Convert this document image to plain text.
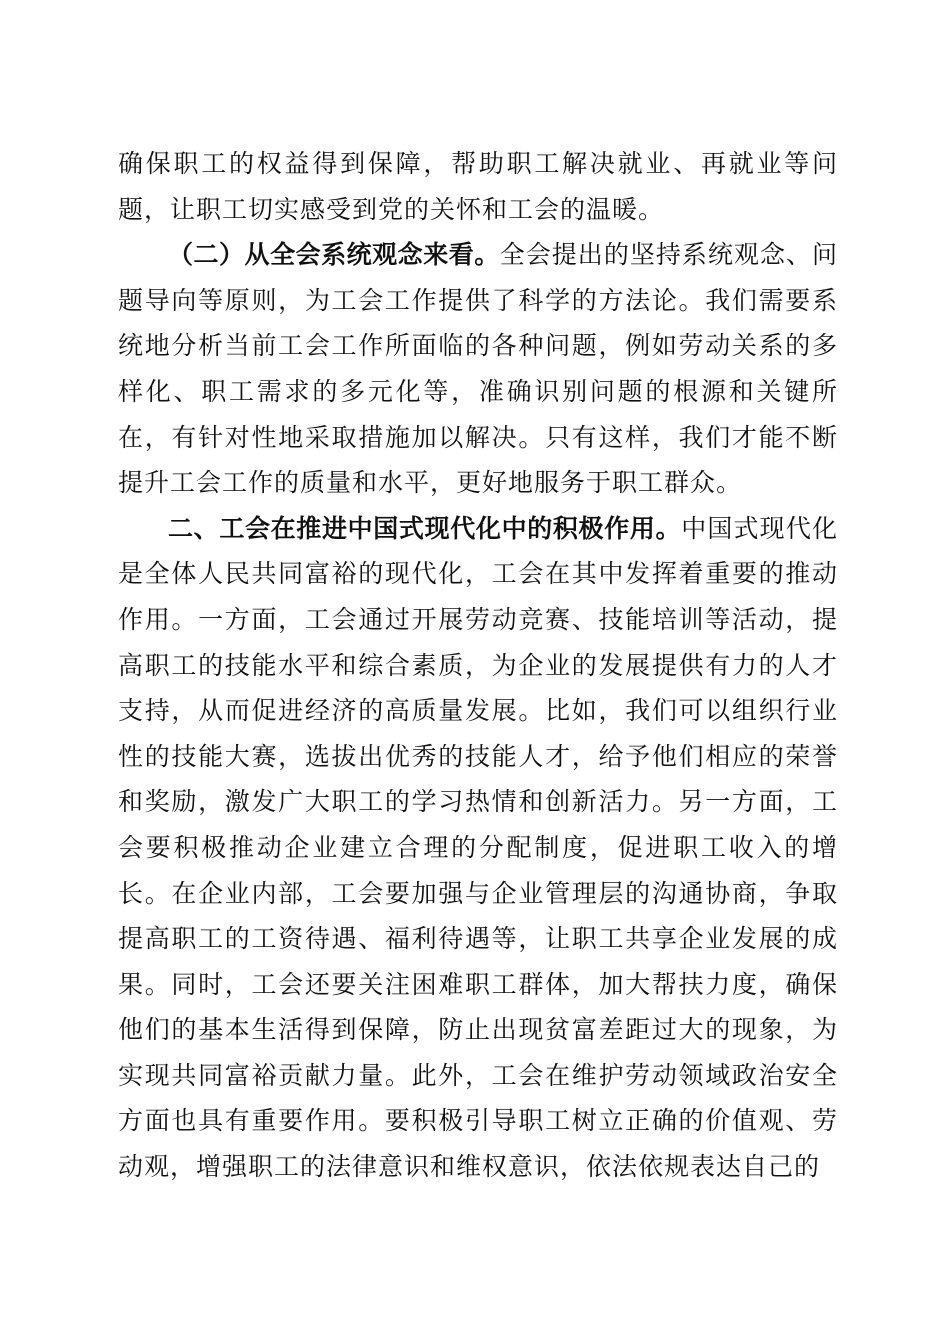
确保职工的权益得到保障，帮助职工解决就业、再就业等问题，让职工切实感受到党的关怀和工会的温暖。

（二）从全会系统观念来看。全会提出的坚持系统观念、问题导向等原则，为工会工作提供了科学的方法论。我们需要系统地分析当前工会工作所面临的各种问题，例如劳动关系的多样化、职工需求的多元化等，准确识别问题的根源和关键所在，有针对性地采取措施加以解决。只有这样，我们才能不断提升工会工作的质量和水平，更好地服务于职工群众。

二、工会在推进中国式现代化中的积极作用。中国式现代化是全体人民共同富裕的现代化，工会在其中发挥着重要的推动作用。一方面，工会通过开展劳动竞赛、技能培训等活动，提高职工的技能水平和综合素质，为企业的发展提供有力的人才支持，从而促进经济的高质量发展。比如，我们可以组织行业性的技能大赛，选拔出优秀的技能人才，给予他们相应的荣誉和奖励，激发广大职工的学习热情和创新活力。另一方面，工会要积极推动企业建立合理的分配制度，促进职工收入的增长。在企业内部，工会要加强与企业管理层的沟通协商，争取提高职工的工资待遇、福利待遇等，让职工共享企业发展的成果。同时，工会还要关注困难职工群体，加大帮扶力度，确保他们的基本生活得到保障，防止出现贫富差距过大的现象，为实现共同富裕贡献力量。此外，工会在维护劳动领域政治安全方面也具有重要作用。要积极引导职工树立正确的价值观、劳动观，增强职工的法律意识和维权意识，依法依规表达自己的
